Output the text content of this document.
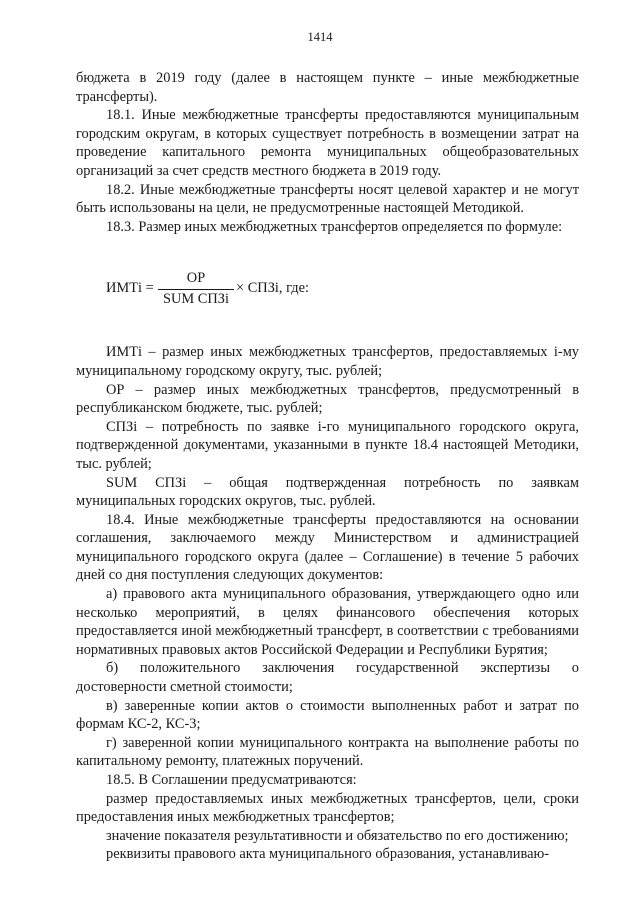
1414

бюджета в 2019 году (далее в настоящем пункте – иные межбюджетные трансферты).

18.1. Иные межбюджетные трансферты предоставляются муниципальным городским округам, в которых существует потребность в возмещении затрат на проведение капитального ремонта муниципальных общеобразовательных организаций за счет средств местного бюджета в 2019 году.

18.2. Иные межбюджетные трансферты носят целевой характер и не могут быть использованы на цели, не предусмотренные настоящей Методикой.

18.3. Размер иных межбюджетных трансфертов определяется по формуле:

ИМТi =
ОР
SUM СПЗi
× СПЗi, где:

ИМТi – размер иных межбюджетных трансфертов, предоставляемых i-му муниципальному городскому округу, тыс. рублей;

ОР – размер иных межбюджетных трансфертов, предусмотренный в республиканском бюджете, тыс. рублей;

СПЗi – потребность по заявке i-го муниципального городского округа, подтвержденной документами, указанными в пункте 18.4 настоящей Методики, тыс. рублей;

SUM СПЗi – общая подтвержденная потребность по заявкам муниципальных городских округов, тыс. рублей.

18.4. Иные межбюджетные трансферты предоставляются на основании соглашения, заключаемого между Министерством и администрацией муниципального городского округа (далее – Соглашение) в течение 5 рабочих дней со дня поступления следующих документов:

а) правового акта муниципального образования, утверждающего одно или несколько мероприятий, в целях финансового обеспечения которых предоставляется иной межбюджетный трансферт, в соответствии с требованиями нормативных правовых актов Российской Федерации и Республики Бурятия;

б) положительного заключения государственной экспертизы о достоверности сметной стоимости;

в) заверенные копии актов о стоимости выполненных работ и затрат по формам КС-2, КС-3;

г) заверенной копии муниципального контракта на выполнение работы по капитальному ремонту, платежных поручений.

18.5. В Соглашении предусматриваются:

размер предоставляемых иных межбюджетных трансфертов, цели, сроки предоставления иных межбюджетных трансфертов;

значение показателя результативности и обязательство по его достижению;

реквизиты правового акта муниципального образования, устанавливаю-
